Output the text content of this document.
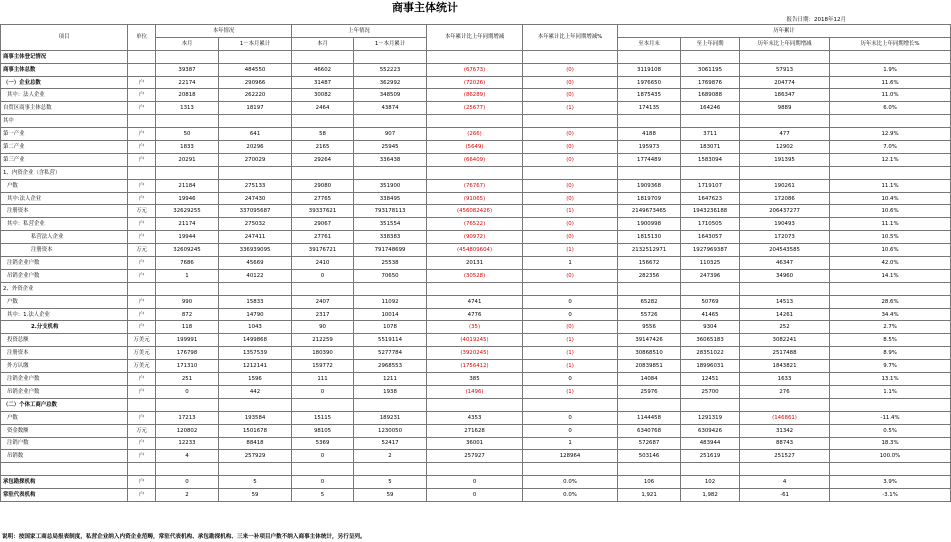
商事主体统计
报告日期：2018年12月
项目	单位	本年情况		上年情况		本年累计比上年同期增减	本年累计比上年同期增减%	历年累计			
		本月	1－本月累计	本月	1－本月累计			至本月末	至上年同期	历年末比上年同期增减	历年末比上年同期增长%
商事主体登记情况											
商事主体总数		39387	484550	46602	552223	(67673)	(0)	3119108	3061195	57913	1.9%
（一）企业总数	户	22174	290966	31487	362992	(72026)	(0)	1976650	1769876	204774	11.6%
其中：法人企业	户	20818	262220	30082	348509	(86289)	(0)	1875435	1689088	186347	11.0%
自贸区商事主体总数	户	1313	18197	2464	43874	(25677)	(1)	174135	164246	9889	6.0%
其中											
第一产业	户	50	641	58	907	(266)	(0)	4188	3711	477	12.9%
第二产业	户	1833	20296	2165	25945	(5649)	(0)	195973	183071	12902	7.0%
第三产业	户	20291	270029	29264	336438	(66409)	(0)	1774489	1583094	191395	12.1%
1、内资企业（含私营）											
户数	户	21184	275133	29080	351900	(76767)	(0)	1909368	1719107	190261	11.1%
其中:法人企业	户	19946	247430	27765	338495	(91065)	(0)	1819709	1647623	172086	10.4%
注册资本	万元	32629255	337095687	39337621	793178113	(456082426)	(1)	2149673465	1943236188	206437277	10.6%
其中：私营企业	户	21174	275032	29067	351554	(76522)	(0)	1900998	1710505	190493	11.1%
私营法人企业	户	19944	247411	27761	338383	(90972)	(0)	1815130	1643057	172073	10.5%
注册资本	万元	32609245	336939095	39176721	791748699	(454809604)	(1)	2132512971	1927969387	204543585	10.6%
注销企业户数	户	7686	45669	2410	25538	20131	1	156672	110325	46347	42.0%
吊销企业户数	户	1	40122	0	70650	(30528)	(0)	282356	247396	34960	14.1%
2、外资企业											
户数	户	990	15833	2407	11092	4741	0	65282	50769	14513	28.6%
其中：1.法人企业	户	872	14790	2317	10014	4776	0	55726	41465	14261	34.4%
2.分支机构	户	118	1043	90	1078	(35)	(0)	9556	9304	252	2.7%
投资总额	万美元	199991	1499868	212259	5519114	(4019245)	(1)	39147426	36065183	3082241	8.5%
注册资本	万美元	176798	1357539	180390	5277784	(3920245)	(1)	30868510	28351022	2517488	8.9%
外方认缴	万美元	171310	1212141	159772	2968553	(1756412)	(1)	20839851	18996031	1843821	9.7%
注销企业户数	户	251	1596	111	1211	385	0	14084	12451	1633	13.1%
吊销企业户数	户	0	442	0	1938	(1496)	(1)	25976	25700	276	1.1%
（二）个体工商户总数											
户数	户	17213	193584	15115	189231	4353	0	1144458	1291319	(146861)	-11.4%
资金数额	万元	120802	1501678	98105	1230050	271628	0	6340768	6309426	31342	0.5%
注销户数	户	12233	88418	5369	52417	36001	1	572687	483944	88743	18.3%
吊销数	户	4	257929	0	2	257927	128964	503146	251619	251527	100.0%

承包勘探机构	户	0	5	0	5	0	0.0%	106	102	4	3.9%
常驻代表机构	户	2	59	5	59	0	0.0%	1,921	1,982	-61	-3.1%
说明：按国家工商总局报表制度，私营企业纳入内资企业范畴，常驻代表机构、承包勘探机构、三来一补项目户数不纳入商事主体统计，另行呈列。
